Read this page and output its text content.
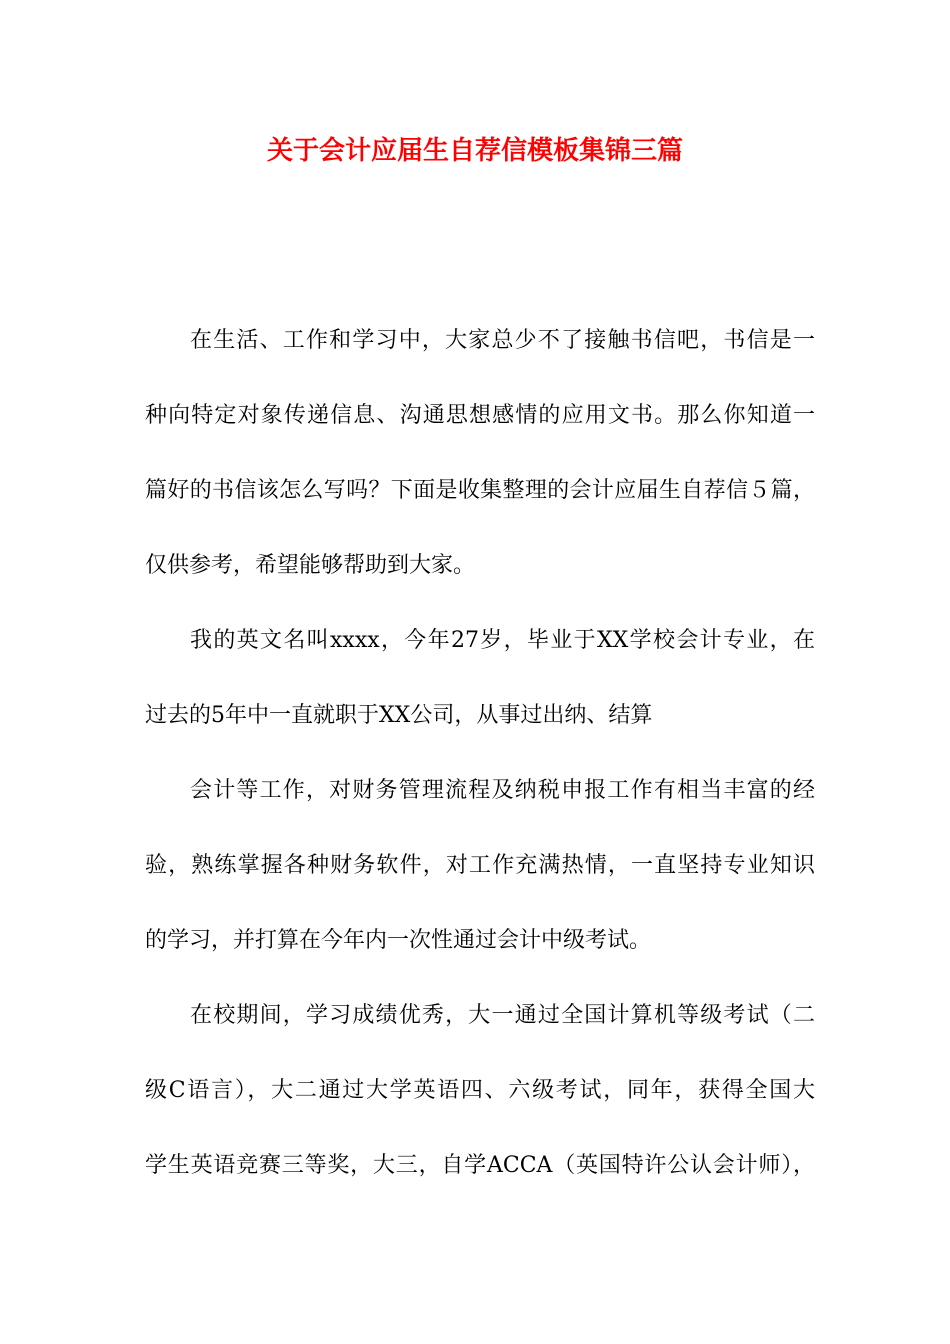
关于会计应届生自荐信模板集锦三篇
在生活、工作和学习中，大家总少不了接触书信吧，书信是一
种向特定对象传递信息、沟通思想感情的应用文书。那么你知道一
篇好的书信该怎么写吗？下面是收集整理的会计应届生自荐信５篇，
仅供参考，希望能够帮助到大家。
我的英文名叫xxxx，今年27岁，毕业于XX学校会计专业，在
过去的5年中一直就职于XX公司，从事过出纳、结算
会计等工作，对财务管理流程及纳税申报工作有相当丰富的经
验，熟练掌握各种财务软件，对工作充满热情，一直坚持专业知识
的学习，并打算在今年内一次性通过会计中级考试。
在校期间，学习成绩优秀，大一通过全国计算机等级考试（二
级C语言），大二通过大学英语四、六级考试，同年，获得全国大
学生英语竞赛三等奖，大三，自学ACCA（英国特许公认会计师），
